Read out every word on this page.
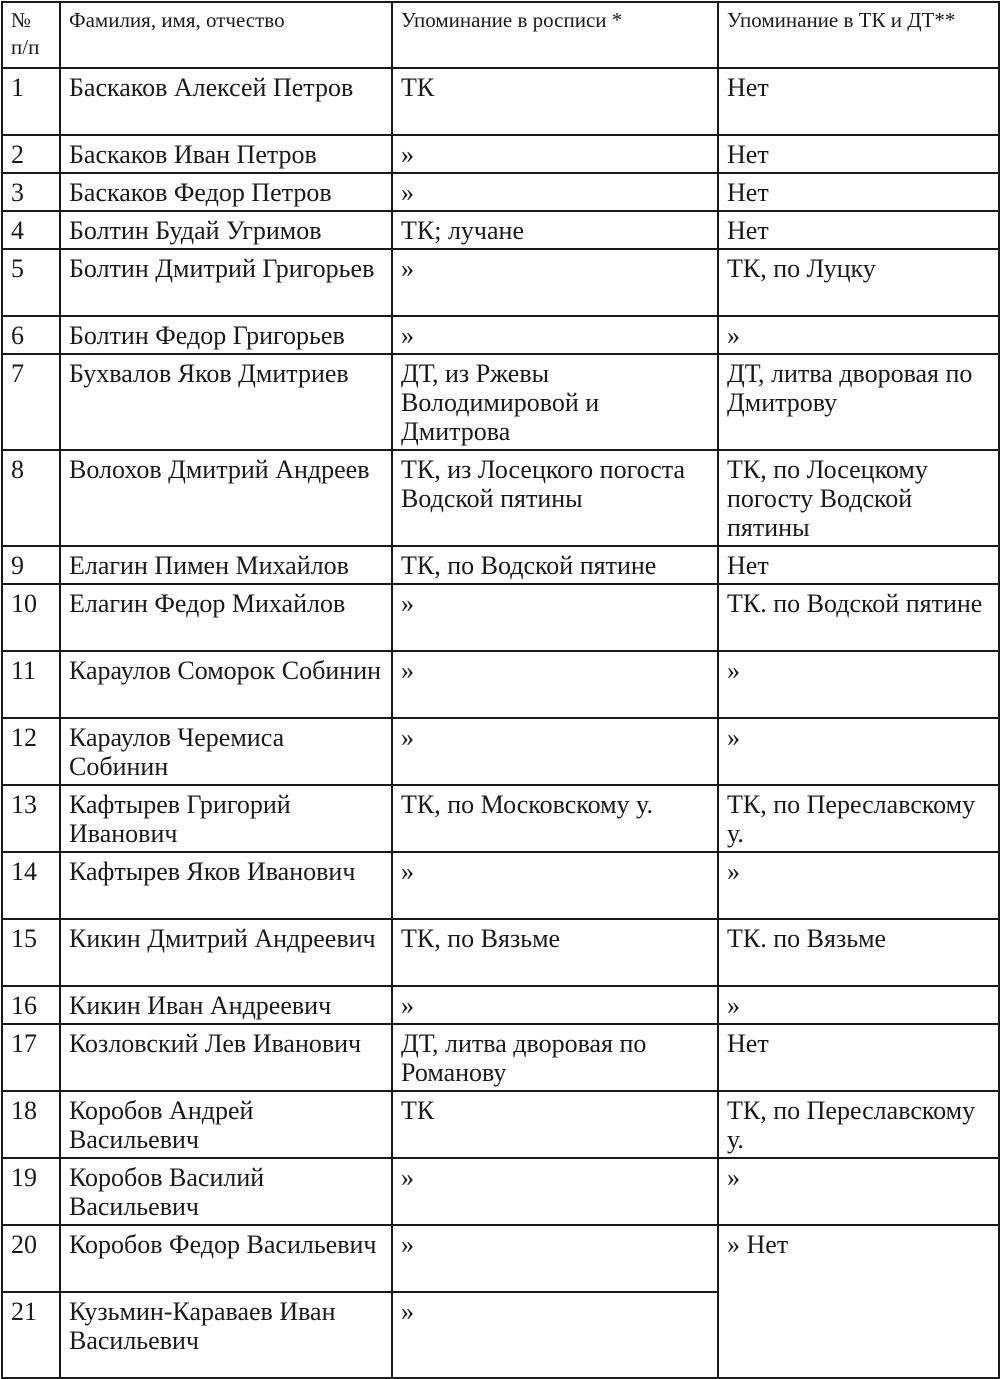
№ п/п	Фамилия, имя, отчество	Упоминание в росписи *	Упоминание в ТК и ДТ**
1	Баскаков Алексей Петров	ТК	Нет
2	Баскаков Иван Петров	»	Нет
3	Баскаков Федор Петров	»	Нет
4	Болтин Будай Угримов	ТК; лучане	Нет
5	Болтин Дмитрий Григорьев	»	ТК, по Луцку
6	Болтин Федор Григорьев	»	»
7	Бухвалов Яков Дмитриев	ДТ, из Ржевы Володимировой и Дмитрова	ДТ, литва дворовая по Дмитрову
8	Волохов Дмитрий Андреев	ТК, из Лосецкого погоста Водской пятины	ТК, по Лосецкому погосту Водской пятины
9	Елагин Пимен Михайлов	ТК, по Водской пятине	Нет
10	Елагин Федор Михайлов	»	ТК. по Водской пятине
11	Караулов Соморок Собинин	»	»
12	Караулов Черемиса Собинин	»	»
13	Кафтырев Григорий Иванович	ТК, по Московскому у.	ТК, по Переславскому у.
14	Кафтырев Яков Иванович	»	»
15	Кикин Дмитрий Андреевич	ТК, по Вязьме	ТК. по Вязьме
16	Кикин Иван Андреевич	»	»
17	Козловский Лев Иванович	ДТ, литва дворовая по Романову	Нет
18	Коробов Андрей Васильевич	ТК	ТК, по Переславскому у.
19	Коробов Василий Васильевич	»	»
20	Коробов Федор Васильевич	»	» Нет
21	Кузьмин-Караваев Иван Васильевич	»	
